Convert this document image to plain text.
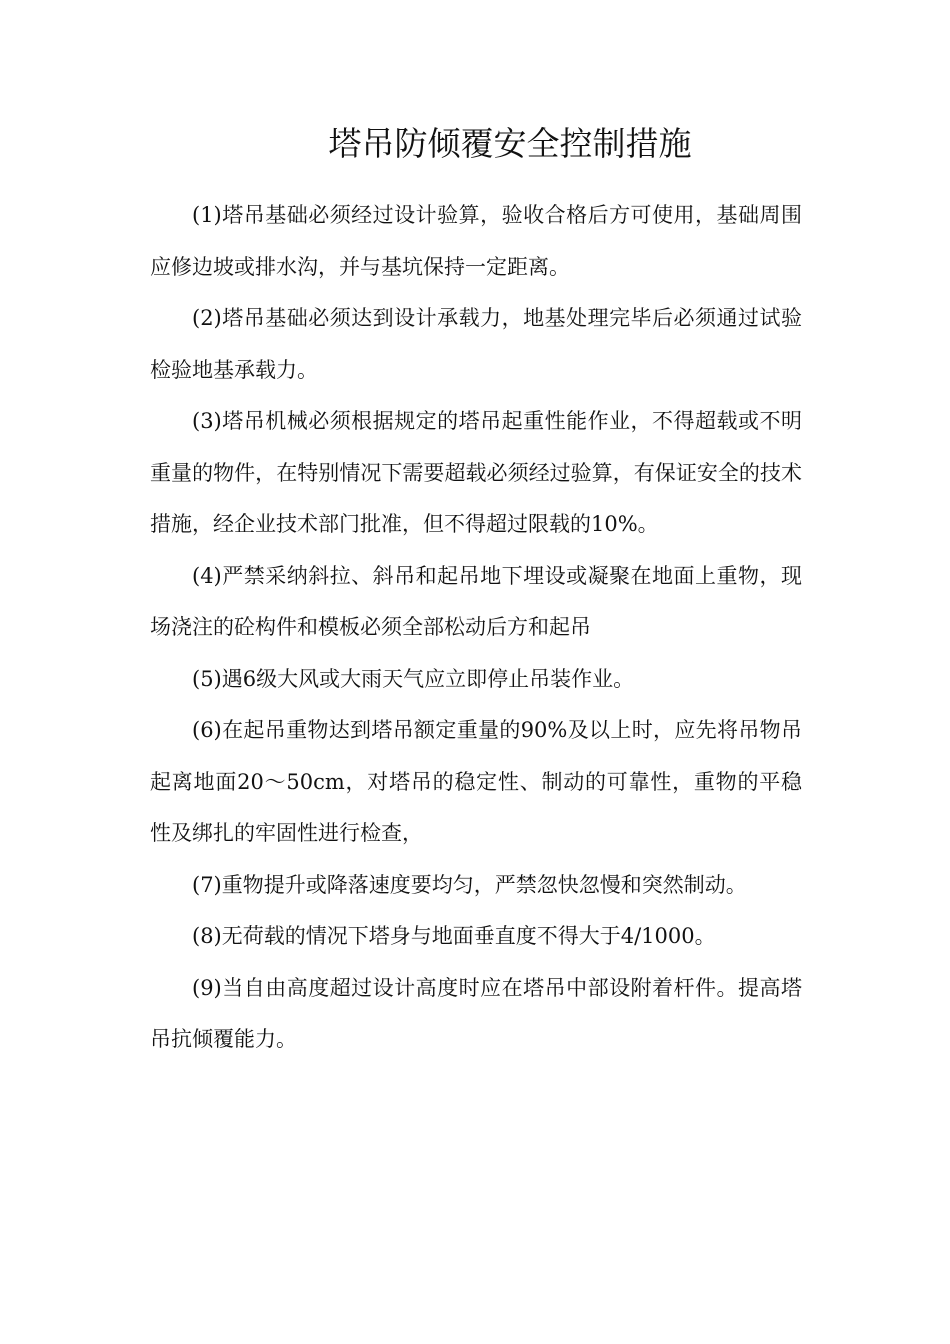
塔吊防倾覆安全控制措施

(1)塔吊基础必须经过设计验算，验收合格后方可使用，基础周围应修边坡或排水沟，并与基坑保持一定距离。

(2)塔吊基础必须达到设计承载力，地基处理完毕后必须通过试验检验地基承载力。

(3)塔吊机械必须根据规定的塔吊起重性能作业，不得超载或不明重量的物件，在特别情况下需要超载必须经过验算，有保证安全的技术措施，经企业技术部门批准，但不得超过限载的10%。

(4)严禁采纳斜拉、斜吊和起吊地下埋设或凝聚在地面上重物，现场浇注的砼构件和模板必须全部松动后方和起吊

(5)遇6级大风或大雨天气应立即停止吊装作业。

(6)在起吊重物达到塔吊额定重量的90%及以上时，应先将吊物吊起离地面20～50cm，对塔吊的稳定性、制动的可靠性，重物的平稳性及绑扎的牢固性进行检查，

(7)重物提升或降落速度要均匀，严禁忽快忽慢和突然制动。

(8)无荷载的情况下塔身与地面垂直度不得大于4/1000。

(9)当自由高度超过设计高度时应在塔吊中部设附着杆件。提高塔吊抗倾覆能力。
